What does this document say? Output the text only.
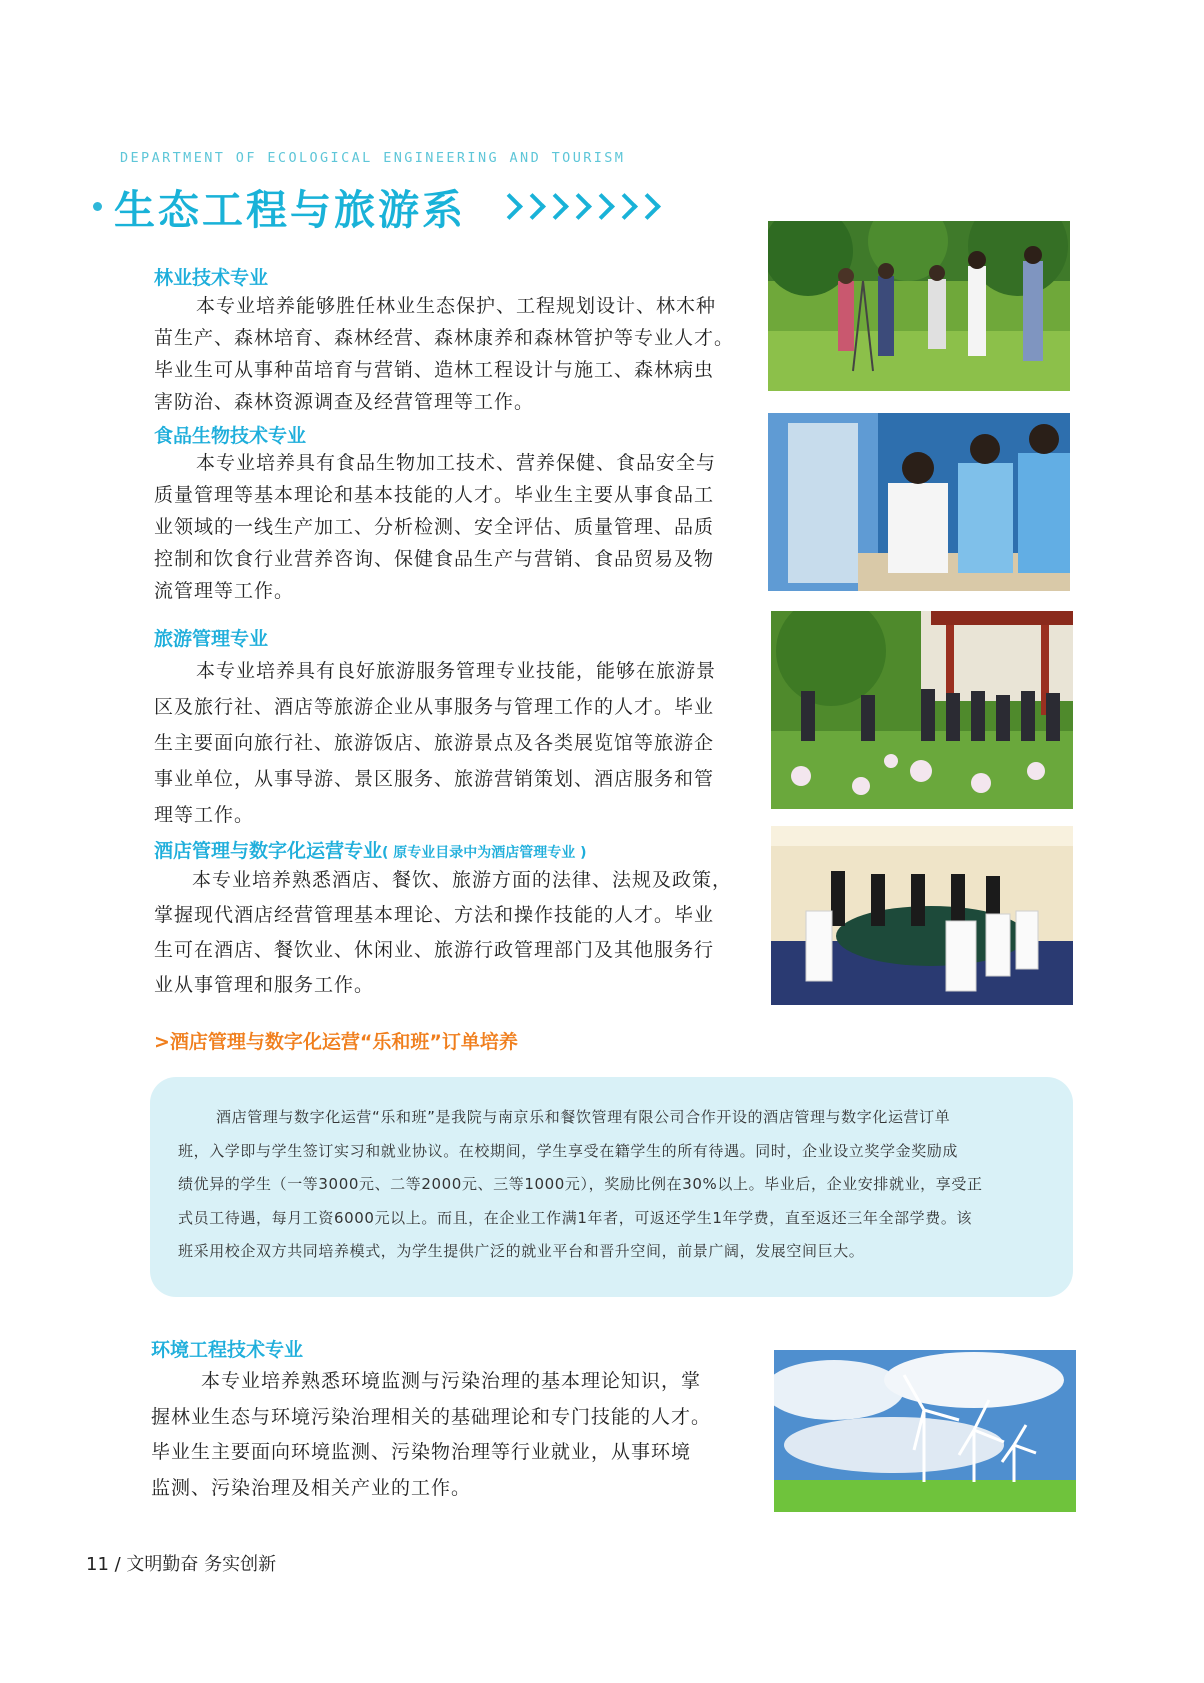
DEPARTMENT OF ECOLOGICAL ENGINEERING AND TOURISM
生态工程与旅游系
林业技术专业
本专业培养能够胜任林业生态保护、工程规划设计、林木种
苗生产、森林培育、森林经营、森林康养和森林管护等专业人才。
毕业生可从事种苗培育与营销、造林工程设计与施工、森林病虫
害防治、森林资源调查及经营管理等工作。
食品生物技术专业
本专业培养具有食品生物加工技术、营养保健、食品安全与
质量管理等基本理论和基本技能的人才。毕业生主要从事食品工
业领域的一线生产加工、分析检测、安全评估、质量管理、品质
控制和饮食行业营养咨询、保健食品生产与营销、食品贸易及物
流管理等工作。
旅游管理专业
本专业培养具有良好旅游服务管理专业技能，能够在旅游景
区及旅行社、酒店等旅游企业从事服务与管理工作的人才。毕业
生主要面向旅行社、旅游饭店、旅游景点及各类展览馆等旅游企
事业单位，从事导游、景区服务、旅游营销策划、酒店服务和管
理等工作。
酒店管理与数字化运营专业( 原专业目录中为酒店管理专业 )
本专业培养熟悉酒店、餐饮、旅游方面的法律、法规及政策，
掌握现代酒店经营管理基本理论、方法和操作技能的人才。毕业
生可在酒店、餐饮业、休闲业、旅游行政管理部门及其他服务行
业从事管理和服务工作。
>酒店管理与数字化运营“乐和班”订单培养
酒店管理与数字化运营“乐和班”是我院与南京乐和餐饮管理有限公司合作开设的酒店管理与数字化运营订单
班，入学即与学生签订实习和就业协议。在校期间，学生享受在籍学生的所有待遇。同时，企业设立奖学金奖励成
绩优异的学生（一等3000元、二等2000元、三等1000元），奖励比例在30%以上。毕业后，企业安排就业，享受正
式员工待遇，每月工资6000元以上。而且，在企业工作满1年者，可返还学生1年学费，直至返还三年全部学费。该
班采用校企双方共同培养模式，为学生提供广泛的就业平台和晋升空间，前景广阔，发展空间巨大。
环境工程技术专业
本专业培养熟悉环境监测与污染治理的基本理论知识，掌
握林业生态与环境污染治理相关的基础理论和专门技能的人才。
毕业生主要面向环境监测、污染物治理等行业就业，从事环境
监测、污染治理及相关产业的工作。
11 / 文明勤奋 务实创新
